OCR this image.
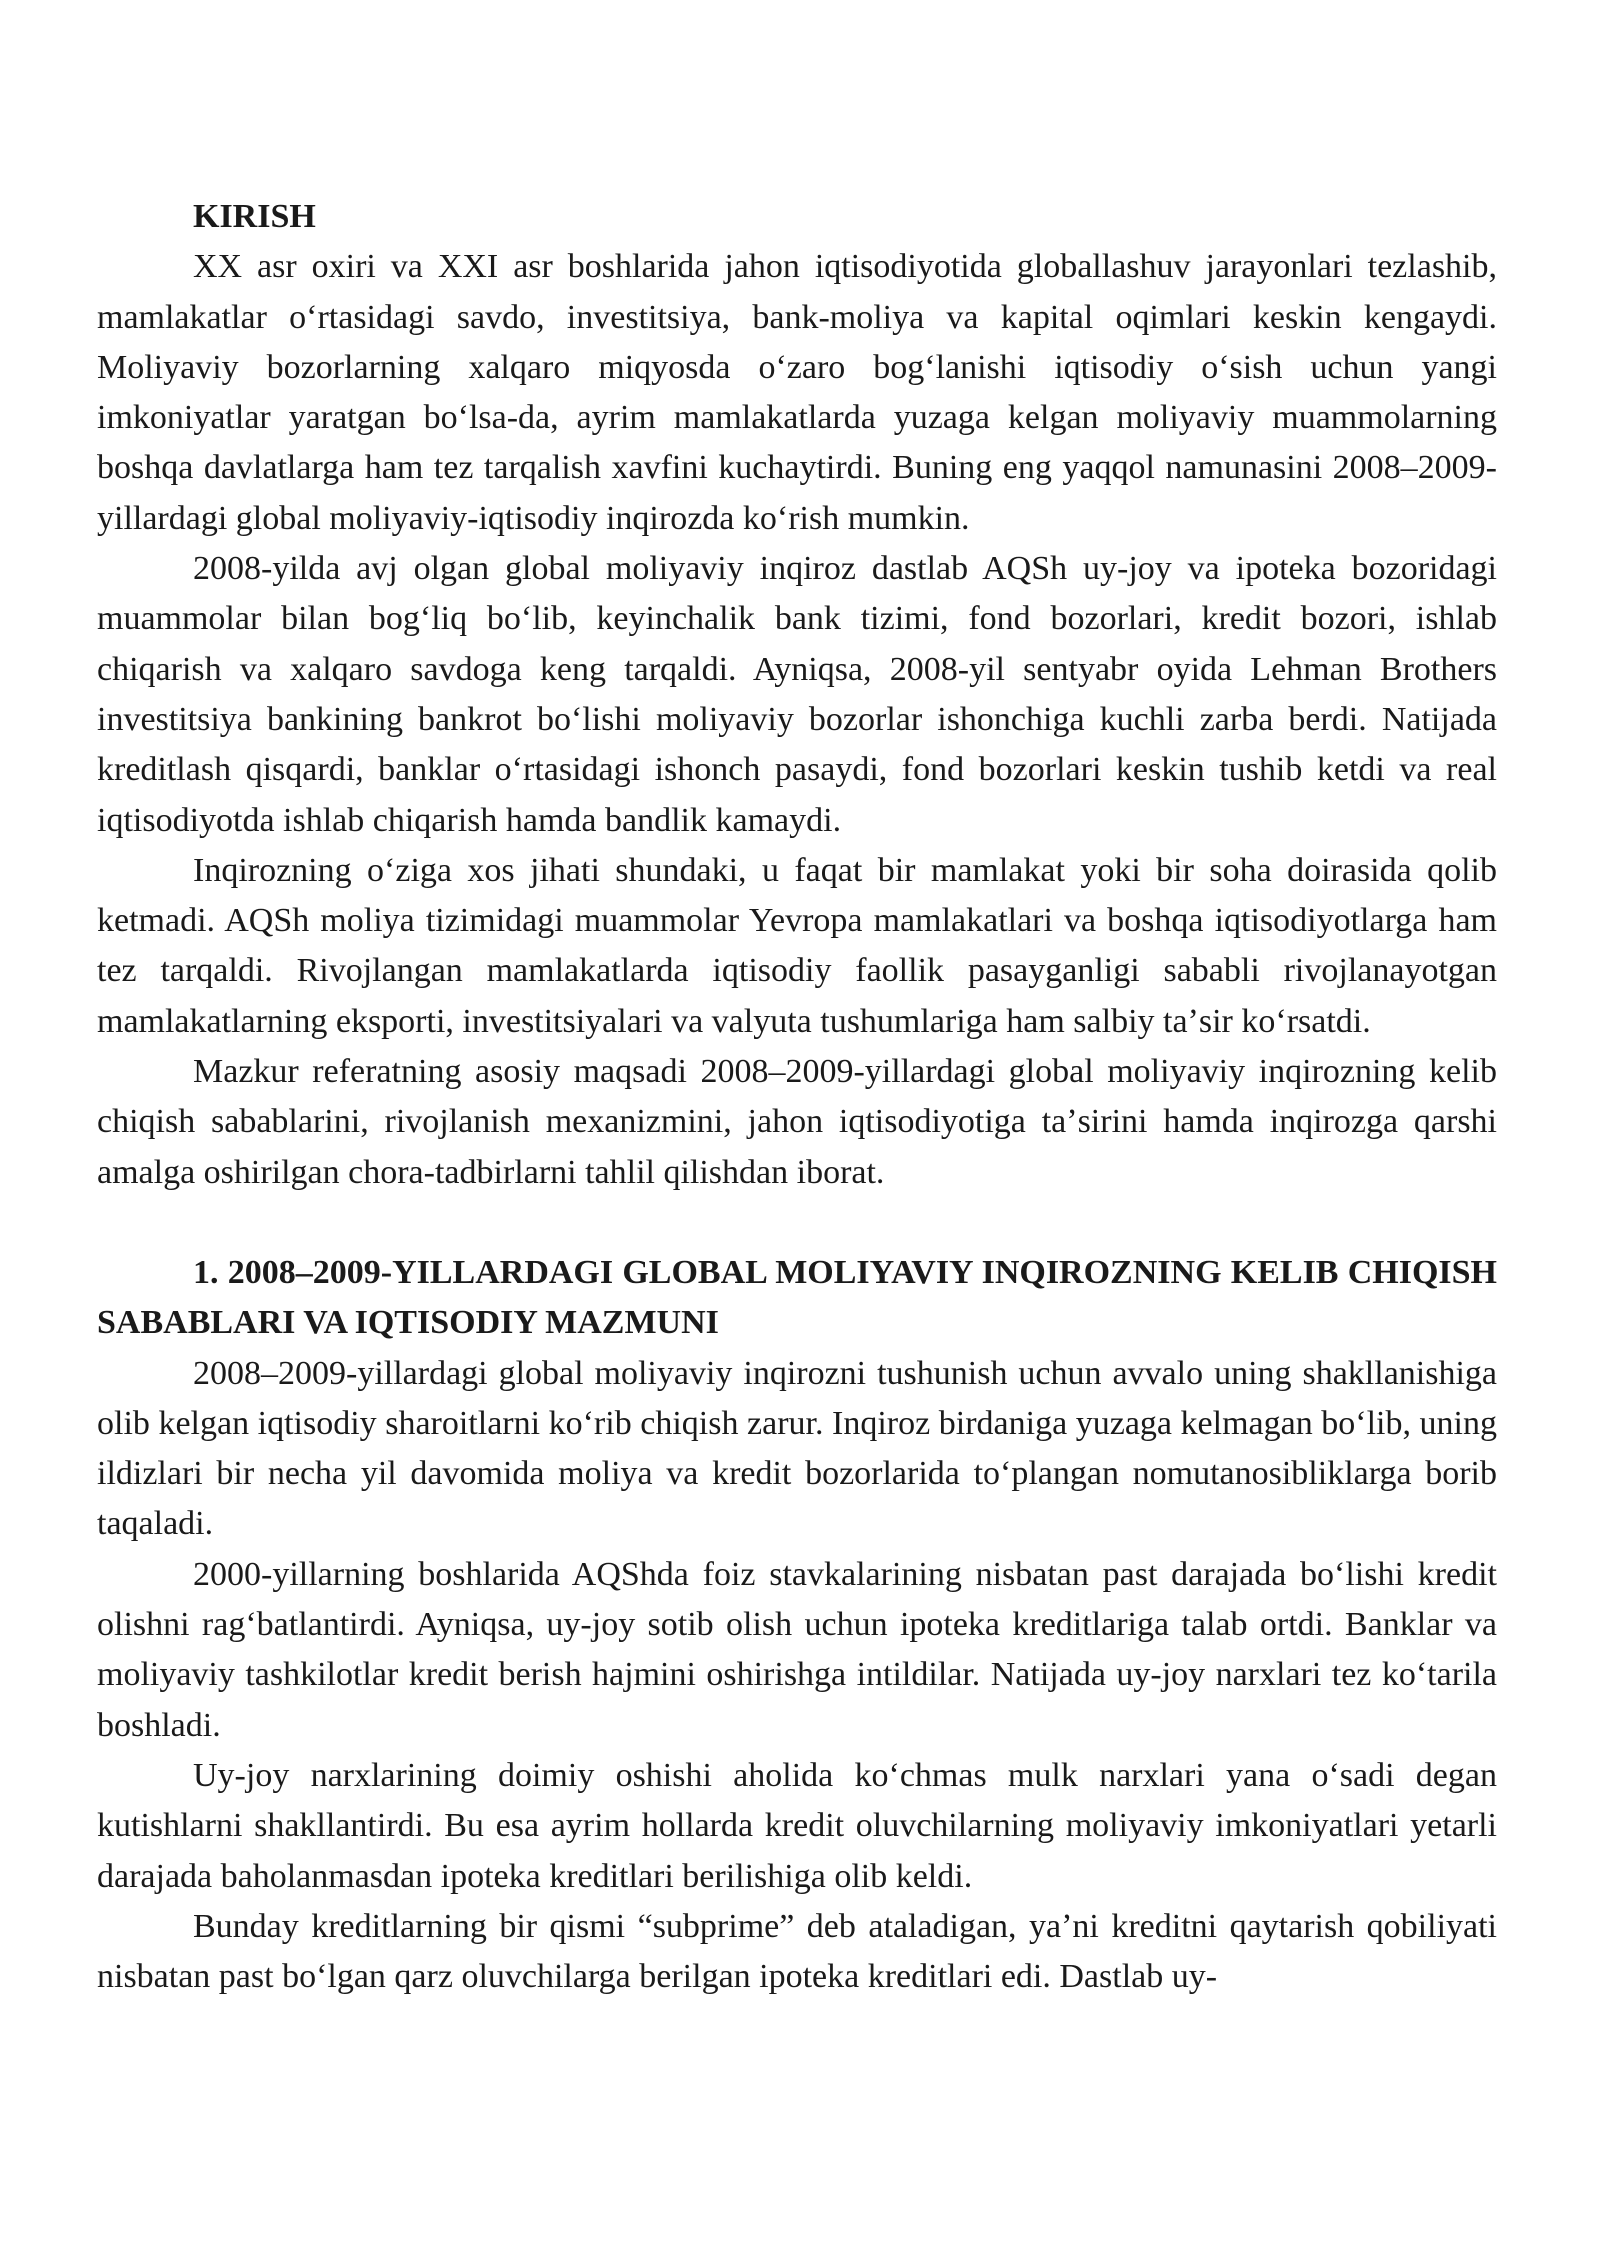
KIRISH

XX asr oxiri va XXI asr boshlarida jahon iqtisodiyotida globallashuv jarayonlari tezlashib, mamlakatlar oʻrtasidagi savdo, investitsiya, bank-moliya va kapital oqimlari keskin kengaydi. Moliyaviy bozorlarning xalqaro miqyosda oʻzaro bogʻlanishi iqtisodiy oʻsish uchun yangi imkoniyatlar yaratgan boʻlsa-da, ayrim mamlakatlarda yuzaga kelgan moliyaviy muammolarning boshqa davlatlarga ham tez tarqalish xavfini kuchaytirdi. Buning eng yaqqol namunasini 2008–2009-yillardagi global moliyaviy-iqtisodiy inqirozda koʻrish mumkin.

2008-yilda avj olgan global moliyaviy inqiroz dastlab AQSh uy-joy va ipoteka bozoridagi muammolar bilan bogʻliq boʻlib, keyinchalik bank tizimi, fond bozorlari, kredit bozori, ishlab chiqarish va xalqaro savdoga keng tarqaldi. Ayniqsa, 2008-yil sentyabr oyida Lehman Brothers investitsiya bankining bankrot boʻlishi moliyaviy bozorlar ishonchiga kuchli zarba berdi. Natijada kreditlash qisqardi, banklar oʻrtasidagi ishonch pasaydi, fond bozorlari keskin tushib ketdi va real iqtisodiyotda ishlab chiqarish hamda bandlik kamaydi.

Inqirozning oʻziga xos jihati shundaki, u faqat bir mamlakat yoki bir soha doirasida qolib ketmadi. AQSh moliya tizimidagi muammolar Yevropa mamlakatlari va boshqa iqtisodiyotlarga ham tez tarqaldi. Rivojlangan mamlakatlarda iqtisodiy faollik pasayganligi sababli rivojlanayotgan mamlakatlarning eksporti, investitsiyalari va valyuta tushumlariga ham salbiy taʼsir koʻrsatdi.

Mazkur referatning asosiy maqsadi 2008–2009-yillardagi global moliyaviy inqirozning kelib chiqish sabablarini, rivojlanish mexanizmini, jahon iqtisodiyotiga taʼsirini hamda inqirozga qarshi amalga oshirilgan chora-tadbirlarni tahlil qilishdan iborat.

1. 2008–2009-YILLARDAGI GLOBAL MOLIYAVIY INQIROZNING KELIB CHIQISH SABABLARI VA IQTISODIY MAZMUNI

2008–2009-yillardagi global moliyaviy inqirozni tushunish uchun avvalo uning shakllanishiga olib kelgan iqtisodiy sharoitlarni koʻrib chiqish zarur. Inqiroz birdaniga yuzaga kelmagan boʻlib, uning ildizlari bir necha yil davomida moliya va kredit bozorlarida toʻplangan nomutanosibliklarga borib taqaladi.

2000-yillarning boshlarida AQShda foiz stavkalarining nisbatan past darajada boʻlishi kredit olishni ragʻbatlantirdi. Ayniqsa, uy-joy sotib olish uchun ipoteka kreditlariga talab ortdi. Banklar va moliyaviy tashkilotlar kredit berish hajmini oshirishga intildilar. Natijada uy-joy narxlari tez koʻtarila boshladi.

Uy-joy narxlarining doimiy oshishi aholida koʻchmas mulk narxlari yana oʻsadi degan kutishlarni shakllantirdi. Bu esa ayrim hollarda kredit oluvchilarning moliyaviy imkoniyatlari yetarli darajada baholanmasdan ipoteka kreditlari berilishiga olib keldi.

Bunday kreditlarning bir qismi “subprime” deb ataladigan, yaʼni kreditni qaytarish qobiliyati nisbatan past boʻlgan qarz oluvchilarga berilgan ipoteka kreditlari edi. Dastlab uy-
